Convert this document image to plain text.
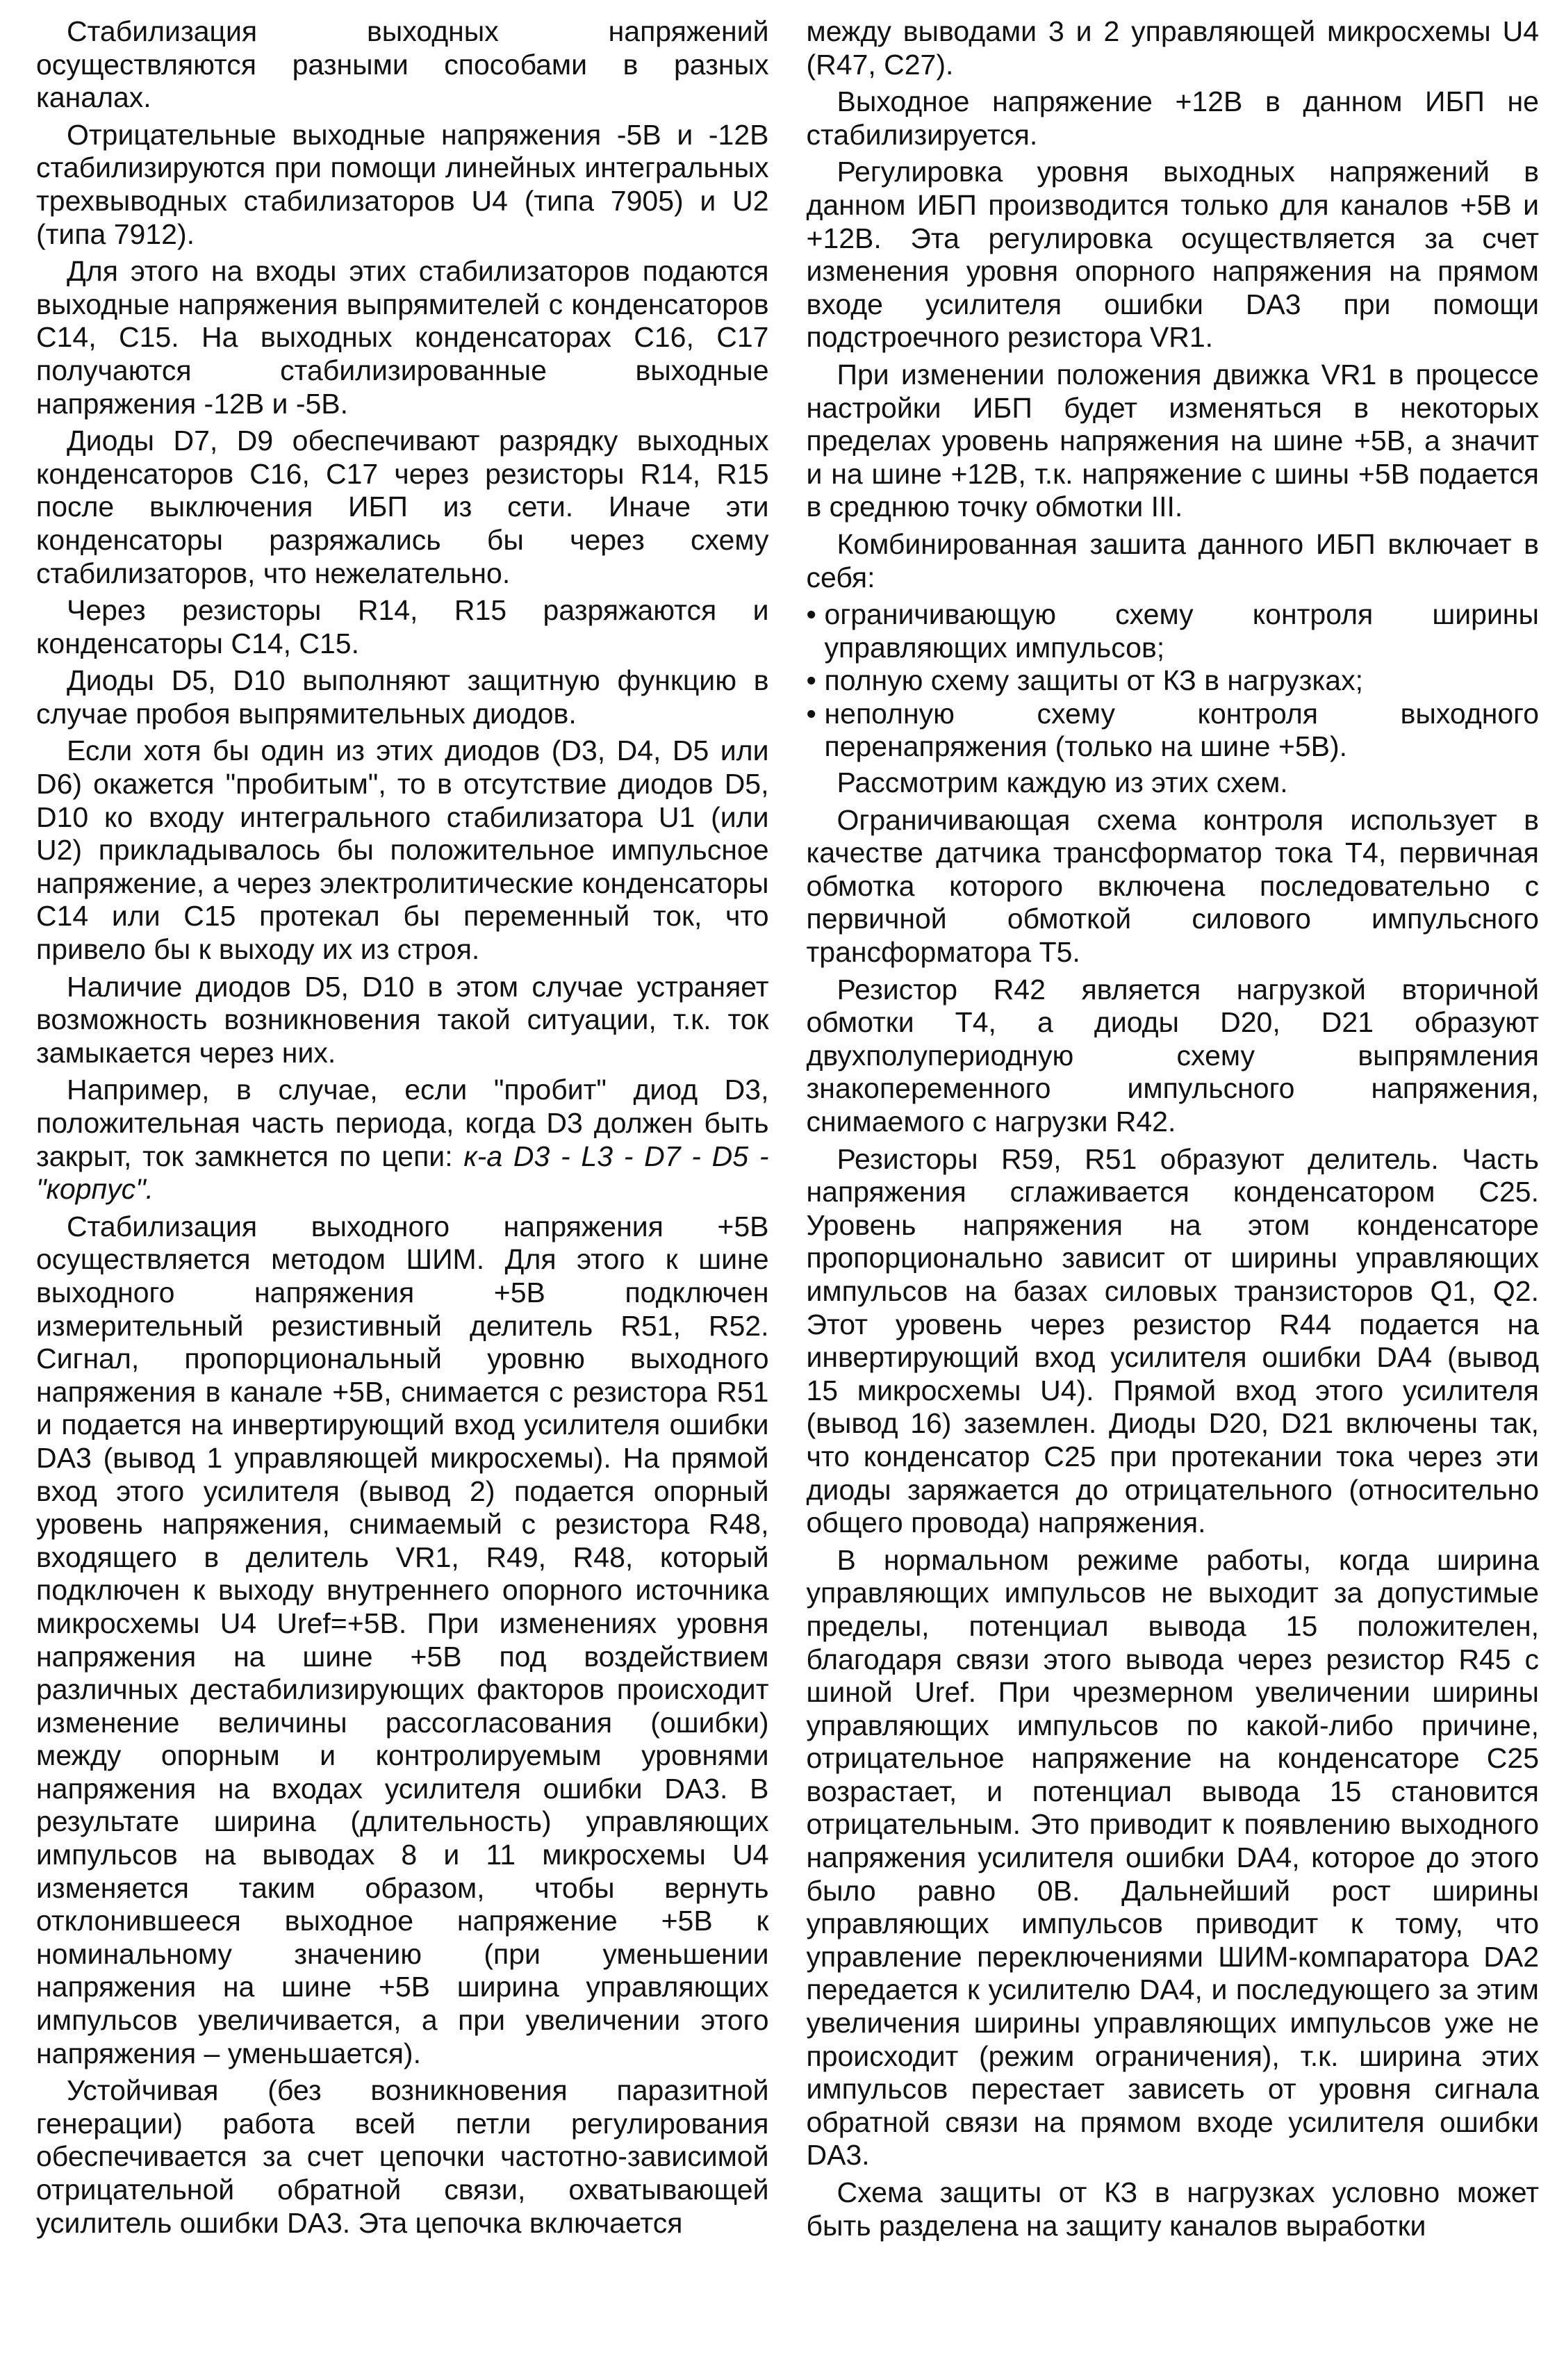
Стабилизация выходных напряжений осуществляются разными способами в разных каналах.

Отрицательные выходные напряжения -5В и -12В стабилизируются при помощи линейных интегральных трехвыводных стабилизаторов U4 (типа 7905) и U2 (типа 7912).

Для этого на входы этих стабилизаторов подаются выходные напряжения выпрямителей с конденсаторов С14, С15. На выходных конденсаторах С16, С17 получаются стабилизированные выходные напряжения -12В и -5В.

Диоды D7, D9 обеспечивают разрядку выходных конденсаторов С16, С17 через резисторы R14, R15 после выключения ИБП из сети. Иначе эти конденсаторы разряжались бы через схему стабилизаторов, что нежелательно.

Через резисторы R14, R15 разряжаются и конденсаторы С14, С15.

Диоды D5, D10 выполняют защитную функцию в случае пробоя выпрямительных диодов.

Если хотя бы один из этих диодов (D3, D4, D5 или D6) окажется "пробитым", то в отсутствие диодов D5, D10 ко входу интегрального стабилизатора U1 (или U2) прикладывалось бы положительное импульсное напряжение, а через электролитические конденсаторы С14 или С15 протекал бы переменный ток, что привело бы к выходу их из строя.

Наличие диодов D5, D10 в этом случае устраняет возможность возникновения такой ситуации, т.к. ток замыкается через них.

Например, в случае, если "пробит" диод D3, положительная часть периода, когда D3 должен быть закрыт, ток замкнется по цепи: к-а D3 - L3 - D7 - D5 - "корпус".

Стабилизация выходного напряжения +5В осуществляется методом ШИМ. Для этого к шине выходного напряжения +5В подключен измерительный резистивный делитель R51, R52. Сигнал, пропорциональный уровню выходного напряжения в канале +5В, снимается с резистора R51 и подается на инвертирующий вход усилителя ошибки DA3 (вывод 1 управляющей микросхемы). На прямой вход этого усилителя (вывод 2) подается опорный уровень напряжения, снимаемый с резистора R48, входящего в делитель VR1, R49, R48, который подключен к выходу внутреннего опорного источника микросхемы U4 Uref=+5В. При изменениях уровня напряжения на шине +5В под воздействием различных дестабилизирующих факторов происходит изменение величины рассогласования (ошибки) между опорным и контролируемым уровнями напряжения на входах усилителя ошибки DA3. В результате ширина (длительность) управляющих импульсов на выводах 8 и 11 микросхемы U4 изменяется таким образом, чтобы вернуть отклонившееся выходное напряжение +5В к номинальному значению (при уменьшении напряжения на шине +5В ширина управляющих импульсов увеличивается, а при увеличении этого напряжения – уменьшается).

Устойчивая (без возникновения паразитной генерации) работа всей петли регулирования обеспечивается за счет цепочки частотно-зависимой отрицательной обратной связи, охватывающей усилитель ошибки DA3. Эта цепочка включается

между выводами 3 и 2 управляющей микросхемы U4 (R47, С27).

Выходное напряжение +12В в данном ИБП не стабилизируется.

Регулировка уровня выходных напряжений в данном ИБП производится только для каналов +5В и +12В. Эта регулировка осуществляется за счет изменения уровня опорного напряжения на прямом входе усилителя ошибки DA3 при помощи подстроечного резистора VR1.

При изменении положения движка VR1 в процессе настройки ИБП будет изменяться в некоторых пределах уровень напряжения на шине +5В, а значит и на шине +12В, т.к. напряжение с шины +5В подается в среднюю точку обмотки III.

Комбинированная зашита данного ИБП включает в себя:

• ограничивающую схему контроля ширины управляющих импульсов;
• полную схему защиты от КЗ в нагрузках;
• неполную схему контроля выходного перенапряжения (только на шине +5В).

Рассмотрим каждую из этих схем.

Ограничивающая схема контроля использует в качестве датчика трансформатор тока Т4, первичная обмотка которого включена последовательно с первичной обмоткой силового импульсного трансформатора Т5.

Резистор R42 является нагрузкой вторичной обмотки Т4, а диоды D20, D21 образуют двухполупериодную схему выпрямления знакопеременного импульсного напряжения, снимаемого с нагрузки R42.

Резисторы R59, R51 образуют делитель. Часть напряжения сглаживается конденсатором С25. Уровень напряжения на этом конденсаторе пропорционально зависит от ширины управляющих импульсов на базах силовых транзисторов Q1, Q2. Этот уровень через резистор R44 подается на инвертирующий вход усилителя ошибки DA4 (вывод 15 микросхемы U4). Прямой вход этого усилителя (вывод 16) заземлен. Диоды D20, D21 включены так, что конденсатор С25 при протекании тока через эти диоды заряжается до отрицательного (относительно общего провода) напряжения.

В нормальном режиме работы, когда ширина управляющих импульсов не выходит за допустимые пределы, потенциал вывода 15 положителен, благодаря связи этого вывода через резистор R45 с шиной Uref. При чрезмерном увеличении ширины управляющих импульсов по какой-либо причине, отрицательное напряжение на конденсаторе С25 возрастает, и потенциал вывода 15 становится отрицательным. Это приводит к появлению выходного напряжения усилителя ошибки DA4, которое до этого было равно 0В. Дальнейший рост ширины управляющих импульсов приводит к тому, что управление переключениями ШИМ-компаратора DA2 передается к усилителю DA4, и последующего за этим увеличения ширины управляющих импульсов уже не происходит (режим ограничения), т.к. ширина этих импульсов перестает зависеть от уровня сигнала обратной связи на прямом входе усилителя ошибки DA3.

Схема защиты от КЗ в нагрузках условно может быть разделена на защиту каналов выработки
